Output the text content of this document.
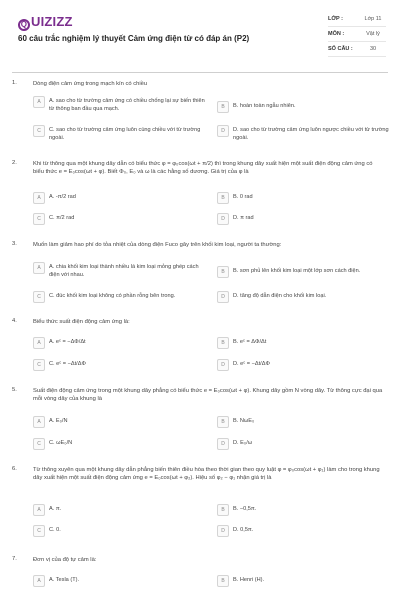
Q UIZIZZ
60 câu trắc nghiệm lý thuyết Cảm ứng điện từ có đáp án (P2)
LỚP :	Lớp 11
MÔN :	Vật lý
SỐ CÂU :	30
1.	Dòng điện cảm ứng trong mạch kín có chiều
A	A. sao cho từ trường cảm ứng có chiều chống lại sự biến thiên từ thông ban đầu qua mạch.	B	B. hoàn toàn ngẫu nhiên.
C	C. sao cho từ trường cảm ứng luôn cùng chiều với từ trường ngoài.
D	D. sao cho từ trường cảm ứng luôn ngược chiều với từ trường ngoài.
2.	Khi từ thông qua một khung dây dẫn có biểu thức φ = φ₀cos(ωt + π/2) thì trong khung dây xuất hiện một suất điện động cảm ứng có biểu thức e = E₀cos(ωt + φ). Biết Φ₀, E₀ và ω là các hằng số dương. Giá trị của φ là
A	A. -π/2 rad	B	B. 0 rad
C	C. π/2 rad	D	D. π rad
3.	Muốn làm giảm hao phí do tỏa nhiệt của dòng điện Fuco gây trên khối kim loại, người ta thường:
A	A. chia khối kim loại thành nhiều lá kim loại mỏng ghép cách điện với nhau.	B	B. sơn phủ lên khối kim loại một lớp sơn cách điện.
C	C. đúc khối kim loại không có phần rỗng bên trong.	D	D. tăng độ dẫn điện cho khối kim loại.
4.	Biểu thức suất điện động cảm ứng là:
A	A. eᶜ = −ΔΦ/Δt	B	B. eᶜ = ΔΦ/Δt
C	C. eᶜ = −Δt/ΔΦ	D	D. eᶜ = −Δt/ΔΦ
5.	Suất điện động cảm ứng trong một khung dây phẳng có biểu thức e = E₀cos(ωt + φ). Khung dây gồm N vòng dây. Từ thông cực đại qua mỗi vòng dây của khung là
A	A. E₀/N	B	B. NωE₀
C	C. ωE₀/N	D	D. E₀/ω
6.	Từ thông xuyên qua một khung dây dẫn phẳng biến thiên điều hòa theo thời gian theo quy luật φ = φ₀cos(ωt + φ₁) làm cho trong khung dây xuất hiện một suất điện động cảm ứng e = E₀cos(ωt + φ₂). Hiệu số φ₂ − φ₁ nhận giá trị là
A	A. π.	B	B. −0,5π.
C	C. 0.	D	D. 0,5π.
7.	Đơn vị của độ tự cảm là:
A	A. Tesla (T).	B	B. Henri (H).
